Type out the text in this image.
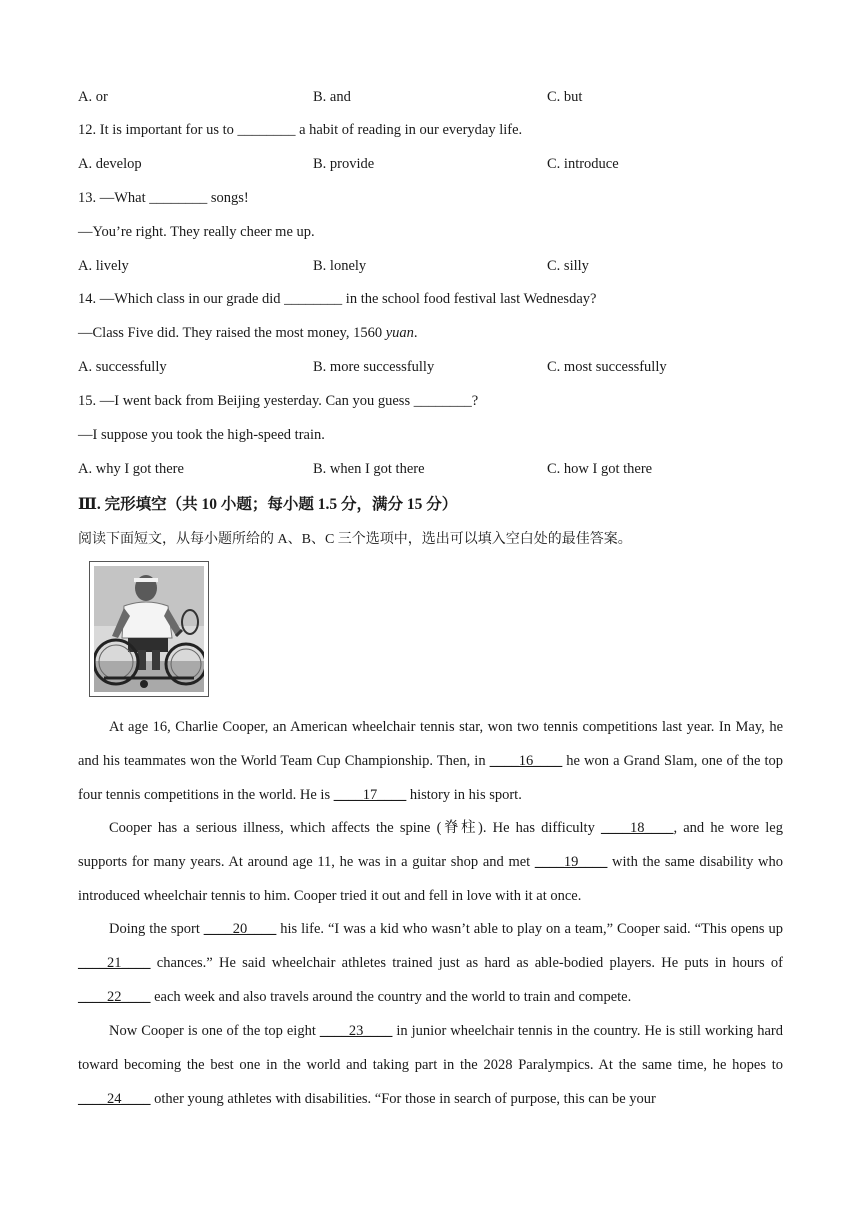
A. or	B. and	C. but
12. It is important for us to ________ a habit of reading in our everyday life.
A. develop	B. provide	C. introduce
13. —What ________ songs!
—You’re right. They really cheer me up.
A. lively	B. lonely	C. silly
14. —Which class in our grade did ________ in the school food festival last Wednesday?
—Class Five did. They raised the most money, 1560 yuan.
A. successfully	B. more successfully	C. most successfully
15. —I went back from Beijing yesterday. Can you guess ________?
—I suppose you took the high-speed train.
A. why I got there	B. when I got there	C. how I got there
Ⅲ. 完形填空（共 10 小题；每小题 1.5 分，满分 15 分）
阅读下面短文，从每小题所给的 A、B、C 三个选项中，选出可以填入空白处的最佳答案。
At age 16, Charlie Cooper, an American wheelchair tennis star, won two tennis competitions last year. In May, he and his teammates won the World Team Cup Championship. Then, in ____16____ he won a Grand Slam, one of the top four tennis competitions in the world. He is ____17____ history in his sport.
Cooper has a serious illness, which affects the spine (脊柱). He has difficulty ____18____, and he wore leg supports for many years. At around age 11, he was in a guitar shop and met ____19____ with the same disability who introduced wheelchair tennis to him. Cooper tried it out and fell in love with it at once.
Doing the sport ____20____ his life. “I was a kid who wasn’t able to play on a team,” Cooper said. “This opens up ____21____ chances.” He said wheelchair athletes trained just as hard as able-bodied players. He puts in hours of ____22____ each week and also travels around the country and the world to train and compete.
Now Cooper is one of the top eight ____23____ in junior wheelchair tennis in the country. He is still working hard toward becoming the best one in the world and taking part in the 2028 Paralympics. At the same time, he hopes to ____24____ other young athletes with disabilities. “For those in search of purpose, this can be your
